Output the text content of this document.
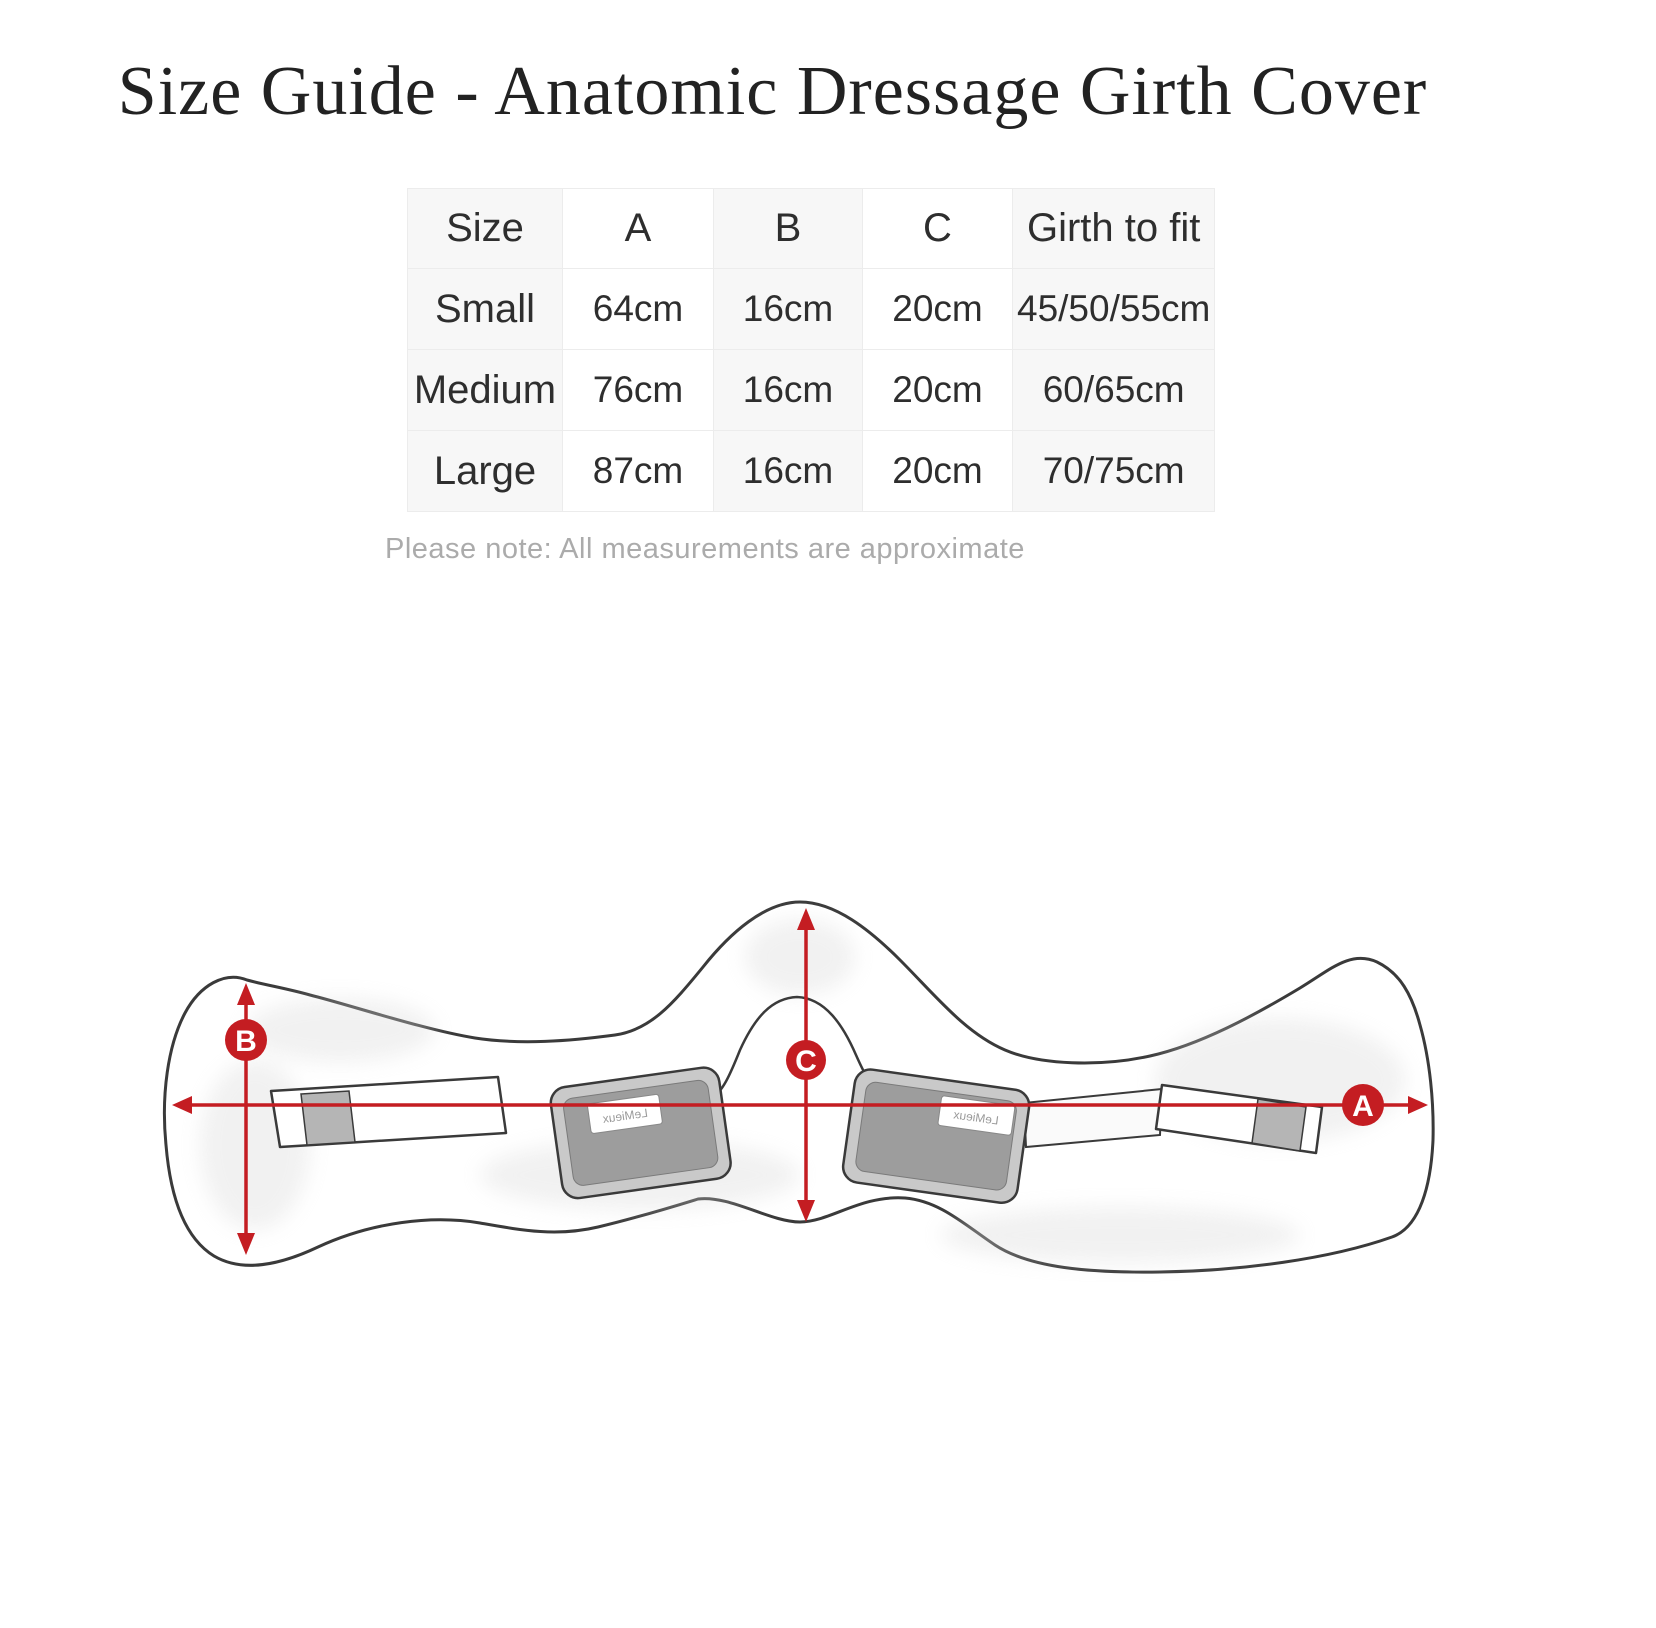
Size Guide - Anatomic Dressage Girth Cover
Size	A	B	C	Girth to fit
Small	64cm	16cm	20cm	45/50/55cm
Medium	76cm	16cm	20cm	60/65cm
Large	87cm	16cm	20cm	70/75cm
Please note: All measurements are approximate
LeMieux	LeMieux
B
C
A
